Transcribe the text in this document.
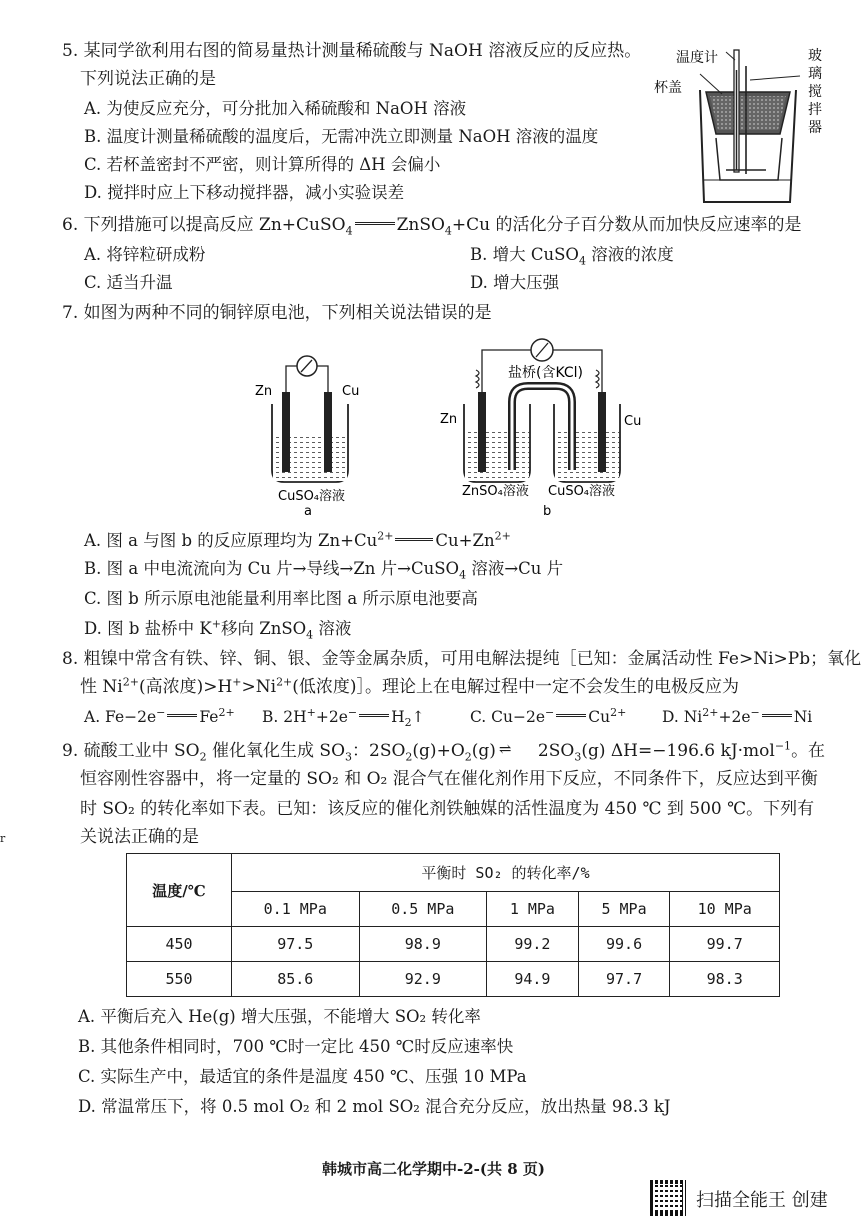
5. 某同学欲利用右图的简易量热计测量稀硫酸与 NaOH 溶液反应的反应热。
下列说法正确的是
A. 为使反应充分，可分批加入稀硫酸和 NaOH 溶液
B. 温度计测量稀硫酸的温度后，无需冲洗立即测量 NaOH 溶液的温度
C. 若杯盖密封不严密，则计算所得的 ΔH 会偏小
D. 搅拌时应上下移动搅拌器，减小实验误差
温度计
杯盖
玻
璃
搅
拌
器
6. 下列措施可以提高反应 Zn+CuSO$_4$	ZnSO$_4$+Cu 的活化分子百分数从而加快反应速率的是
A. 将锌粒研成粉	B. 增大 CuSO$_4$ 溶液的浓度
C. 适当升温	D. 增大压强
7. 如图为两种不同的铜锌原电池，下列相关说法错误的是
Zn	Cu
CuSO₄溶液
a
盐桥(含KCl)
Zn	Cu
ZnSO₄溶液 CuSO₄溶液
b
A. 图 a 与图 b 的反应原理均为 $Zn+Cu^{2+}$	$Cu+Zn^{2+}$
B. 图 a 中电流流向为 Cu 片→导线→Zn 片→CuSO$_4$ 溶液→Cu 片
C. 图 b 所示原电池能量利用率比图 a 所示原电池要高
D. 图 b 盐桥中 K+移向 ZnSO$_4$ 溶液
8. 粗镍中常含有铁、锌、铜、银、金等金属杂质，可用电解法提纯［已知：金属活动性 Fe>Ni>Pb；氧化
性 $Ni^{2+}$(高浓度)$>H^+>Ni^{2+}$(低浓度)］。理论上在电解过程中一定不会发生的电极反应为
A. Fe−2e− $Fe^{2+}$ B. 2H++2e− $H_2↑$	C. Cu−2e− $Cu^{2+}$ D. $Ni^{2+}+2e^-$ Ni
9. 硫酸工业中 $SO_2$ 催化氧化生成 $SO_3$：$2SO_2(g)+O_2(g)$ ⇌ $2SO_3(g)$ ΔH=−196.6 kJ·mol$^{-1}$。在
恒容刚性容器中，将一定量的 SO₂ 和 O₂ 混合气在催化剂作用下反应，不同条件下，反应达到平衡
时 SO₂ 的转化率如下表。已知：该反应的催化剂铁触媒的活性温度为 450 ℃ 到 500 ℃。下列有
关说法正确的是
r
温度/℃	平衡时 SO₂ 的转化率/%				
	0.1 MPa	0.5 MPa	1 MPa	5 MPa	10 MPa
450	97.5	98.9	99.2	99.6	99.7
550	85.6	92.9	94.9	97.7	98.3
A. 平衡后充入 He(g) 增大压强，不能增大 SO₂ 转化率
B. 其他条件相同时，700 ℃时一定比 450 ℃时反应速率快
C. 实际生产中，最适宜的条件是温度 450 ℃、压强 10 MPa
D. 常温常压下，将 0.5 mol O₂ 和 2 mol SO₂ 混合充分反应，放出热量 98.3 kJ
韩城市高二化学期中-2-(共 8 页)
扫描全能王 创建
